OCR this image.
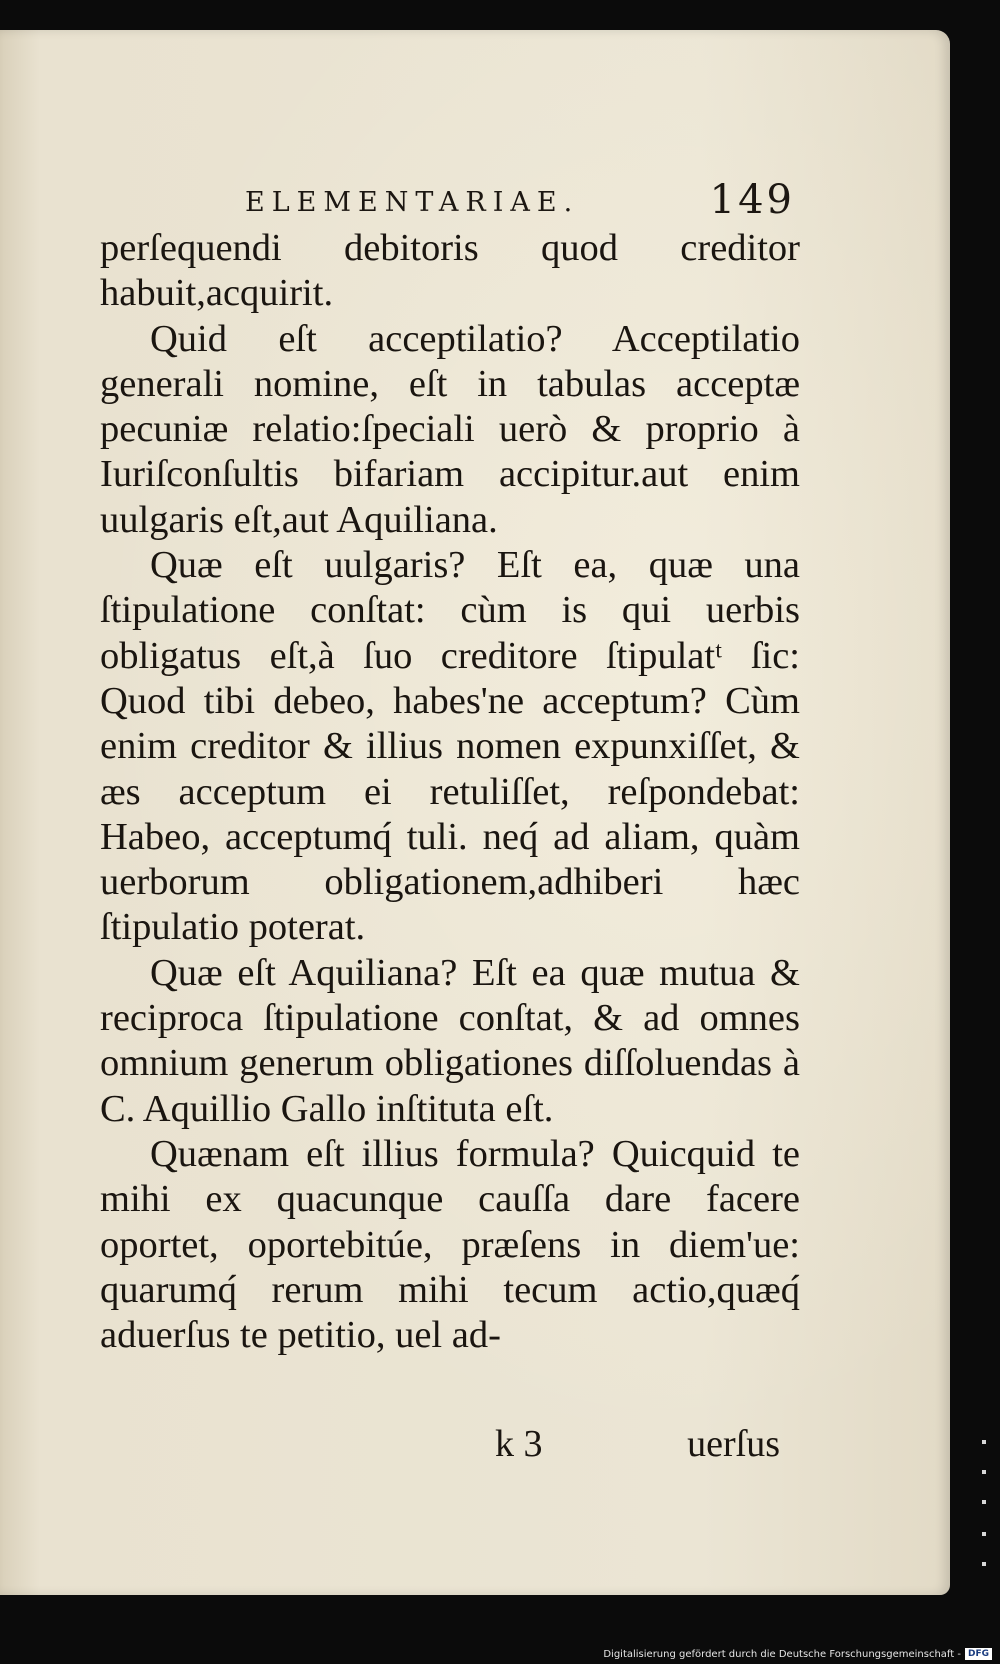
ELEMENTARIAE.	149

perſequendi debitoris quod creditor habuit,acquirit.

Quid eſt acceptilatio? Acceptilatio generali nomine, eſt in tabulas acceptæ pecuniæ relatio:ſpeciali uerò & proprio à Iuriſconſultis bifariam accipitur.aut enim uulgaris eſt,aut Aquiliana.

Quæ eſt uulgaris? Eſt ea, quæ una ſtipulatione conſtat: cùm is qui uerbis obligatus eſt,à ſuo creditore ſtipulatᵗ ſic: Quod tibi debeo, habes'ne acceptum? Cùm enim creditor & illius nomen expunxiſſet, & æs acceptum ei retuliſſet, reſpondebat: Habeo, acceptumq́ tuli. neq́ ad aliam, quàm uerborum obligationem,adhiberi hæc ſtipulatio poterat.

Quæ eſt Aquiliana? Eſt ea quæ mutua & reciproca ſtipulatione conſtat, & ad omnes omnium generum obligationes diſſoluendas à C. Aquillio Gallo inſtituta eſt.

Quænam eſt illius formula? Quicquid te mihi ex quacunque cauſſa dare facere oportet, oportebitúe, præſens in diem'ue: quarumq́ rerum mihi tecum actio,quæq́ aduerſus te petitio, uel ad-

k 3	uerſus
Digitalisierung gefördert durch die Deutsche Forschungsgemeinschaft - DFG
